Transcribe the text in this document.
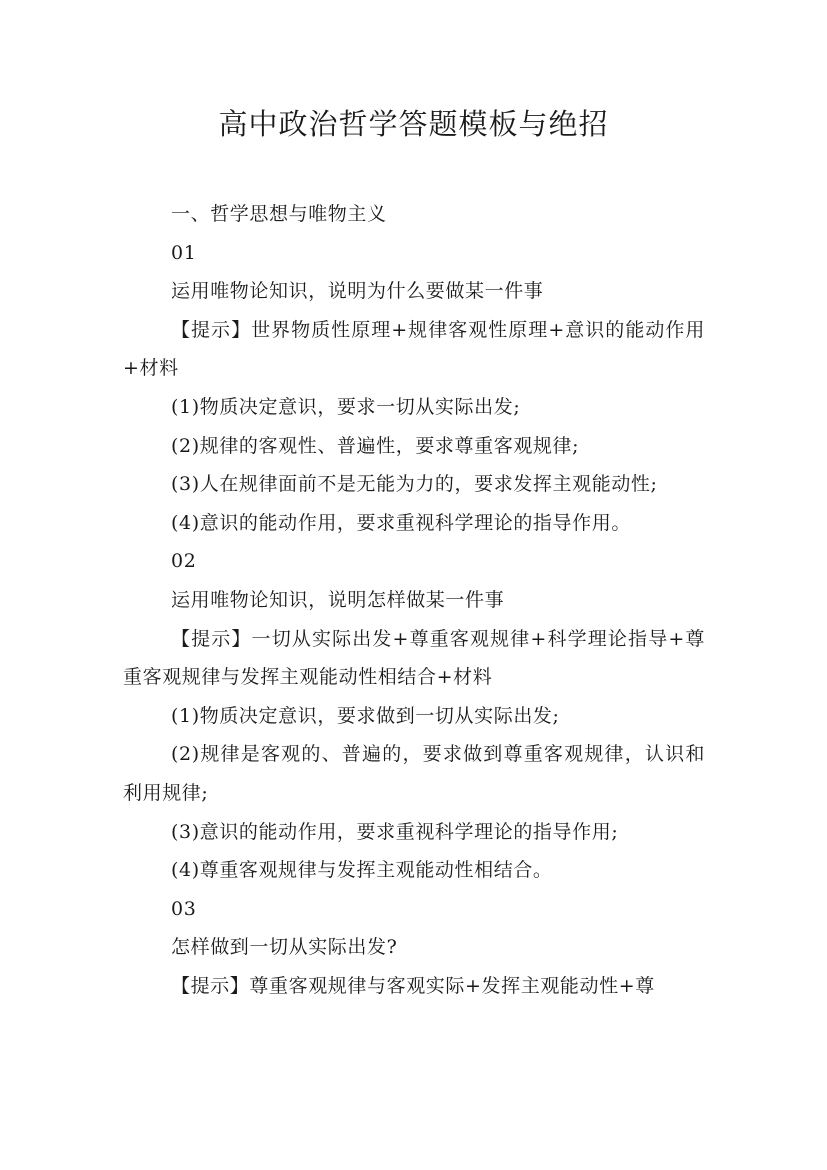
高中政治哲学答题模板与绝招

一、哲学思想与唯物主义

01

运用唯物论知识，说明为什么要做某一件事

【提示】世界物质性原理+规律客观性原理+意识的能动作用+材料

(1)物质决定意识，要求一切从实际出发;

(2)规律的客观性、普遍性，要求尊重客观规律;

(3)人在规律面前不是无能为力的，要求发挥主观能动性;

(4)意识的能动作用，要求重视科学理论的指导作用。

02

运用唯物论知识，说明怎样做某一件事

【提示】一切从实际出发+尊重客观规律+科学理论指导+尊重客观规律与发挥主观能动性相结合+材料

(1)物质决定意识，要求做到一切从实际出发;

(2)规律是客观的、普遍的，要求做到尊重客观规律，认识和利用规律;

(3)意识的能动作用，要求重视科学理论的指导作用;

(4)尊重客观规律与发挥主观能动性相结合。

03

怎样做到一切从实际出发?

【提示】尊重客观规律与客观实际+发挥主观能动性+尊
